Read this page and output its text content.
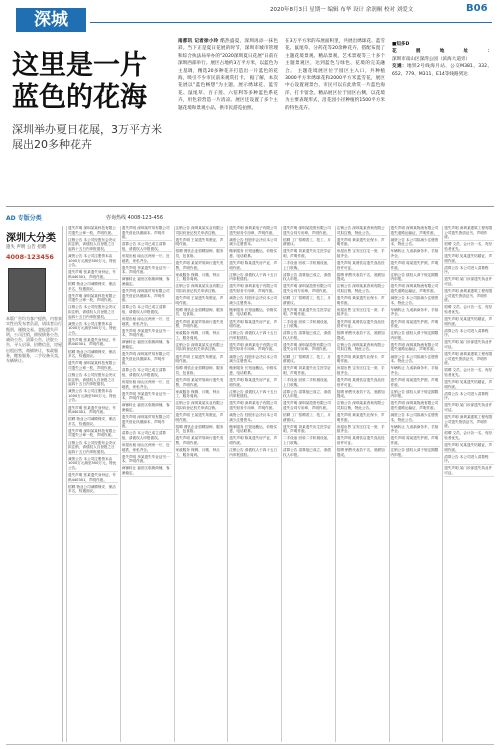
深城	2020年8月3日 星期一 编辑 布华 设计 余润桐 校对 刘爱文	B06
这里是一片
蓝色的花海
深圳举办夏日花展，3万平方米展出20多种花卉
南都讯 记者徐小玲 酷热盛夏，深圳再添一抹色彩。当下正是夏日花展的时节，深圳市城市管理和综合执法局举办的"2020深圳夏日花展"日前在深圳西部举行。展区占地约3万平方米，以蓝色为主基调，精选20多种花卉打造出一片蓝色的花海，吸引不少市民前来观赏打卡。 据了解，本次花展以"蓝色畅想"为主题，展示绣球花、蓝雪花、鼠尾草、百子莲、六倍利等多种蓝色系花卉，用色彩营造一片清凉。展区还设置了多个主题花境和景观小品，供市民游览拍照。
在3万平方米的布展面积里，共展出绣球花、蓝雪花、鼠尾草、分药花等20余种花卉，搭配布置了主题花境景观、精品景观、艺术景观等三十多个主题景观区，达到蓝色与绿色、花境的完美融合。 主题花境展区位于园区主入口，共种植3000平方米绣球花和2000平方米蓝雪花，展区中心设置观景台，市民可以在此欣赏一片蓝色海洋，打卡留念。精品展区位于园区右侧，以花境为主要表现形式，沿花园小径种植约1500平方米的特色花卉。
■知多D
花展地址：深圳市南山区深湾公园（滨海大道旁）
交通：地铁2号线海月站、公交M381、332、652、779、M311、E14等线路到达
AD 专版分类	咨询热线 4008-123-456
深圳大分类
遗失 声明 公告 招聘
4008-123456
本版广告均为客户提供，内容真实性由发布者负责，请读者自行甄别，谨慎交易。登报遗失声明，公司注销，债权债务公告，减资公告，清算公告，法院公告，寻人启事，招聘信息，房屋出租出售，商铺转让，家政服务，搬家服务，二手设备买卖，车辆转让。
遗失声明 深圳某某科技有限公司遗失公章一枚，声明作废。
注销公告 本公司经股东会决议拟注销，请债权人自登报之日起四十五日内申报债权。
减资公告 本公司注册资本由1000万元减至500万元，特此公告。
遗失声明 张某遗失身份证，号码440301，声明作废。
招聘 物业公司诚聘保安、保洁多名，待遇面议。
遗失声明 深圳某某科技有限公司遗失公章一枚，声明作废。
注销公告 本公司经股东会决议拟注销，请债权人自登报之日起四十五日内申报债权。
减资公告 本公司注册资本由1000万元减至500万元，特此公告。
遗失声明 张某遗失身份证，号码440301，声明作废。
招聘 物业公司诚聘保安、保洁多名，待遇面议。
遗失声明 深圳某某科技有限公司遗失公章一枚，声明作废。
注销公告 本公司经股东会决议拟注销，请债权人自登报之日起四十五日内申报债权。
减资公告 本公司注册资本由1000万元减至500万元，特此公告。
遗失声明 张某遗失身份证，号码440301，声明作废。
招聘 物业公司诚聘保安、保洁多名，待遇面议。
遗失声明 深圳某某科技有限公司遗失公章一枚，声明作废。
注销公告 本公司经股东会决议拟注销，请债权人自登报之日起四十五日内申报债权。
减资公告 本公司注册资本由1000万元减至500万元，特此公告。
遗失声明 张某遗失身份证，号码440301，声明作废。
招聘 物业公司诚聘保安、保洁多名，待遇面议。
遗失声明 深圳某贸易有限公司遗失营业执照副本，声明作废。
清算公告 本公司已成立清算组，请债权人申报债权。
房屋出租 南山区两房一厅，近地铁，家私齐全。
遗失声明 李某遗失毕业证书一本，声明作废。
商铺转让 福田区临街商铺，客流稳定。
遗失声明 深圳某贸易有限公司遗失营业执照副本，声明作废。
清算公告 本公司已成立清算组，请债权人申报债权。
房屋出租 南山区两房一厅，近地铁，家私齐全。
遗失声明 李某遗失毕业证书一本，声明作废。
商铺转让 福田区临街商铺，客流稳定。
遗失声明 深圳某贸易有限公司遗失营业执照副本，声明作废。
清算公告 本公司已成立清算组，请债权人申报债权。
房屋出租 南山区两房一厅，近地铁，家私齐全。
遗失声明 李某遗失毕业证书一本，声明作废。
商铺转让 福田区临街商铺，客流稳定。
遗失声明 深圳某贸易有限公司遗失营业执照副本，声明作废。
清算公告 本公司已成立清算组，请债权人申报债权。
房屋出租 南山区两房一厅，近地铁，家私齐全。
遗失声明 李某遗失毕业证书一本，声明作废。
商铺转让 福田区临街商铺，客流稳定。
注销公告 深圳某某实业有限公司拟向登记机关申请注销。
遗失声明 王某遗失驾驶证，声明作废。
招聘 餐饮企业招聘厨师、服务员，包食宿。
遗失声明 某某贸易商行遗失发票，声明作废。
家政服务 保姆、月嫂、钟点工，服务周到。
注销公告 深圳某某实业有限公司拟向登记机关申请注销。
遗失声明 王某遗失驾驶证，声明作废。
招聘 餐饮企业招聘厨师、服务员，包食宿。
遗失声明 某某贸易商行遗失发票，声明作废。
家政服务 保姆、月嫂、钟点工，服务周到。
注销公告 深圳某某实业有限公司拟向登记机关申请注销。
遗失声明 王某遗失驾驶证，声明作废。
招聘 餐饮企业招聘厨师、服务员，包食宿。
遗失声明 某某贸易商行遗失发票，声明作废。
家政服务 保姆、月嫂、钟点工，服务周到。
注销公告 深圳某某实业有限公司拟向登记机关申请注销。
遗失声明 王某遗失驾驶证，声明作废。
招聘 餐饮企业招聘厨师、服务员，包食宿。
遗失声明 某某贸易商行遗失发票，声明作废。
家政服务 保姆、月嫂、钟点工，服务周到。
遗失声明 深圳某电子有限公司遗失财务专用章，声明作废。
减资公告 经股东会决议本公司减少注册资本。
搬家服务 长短途搬运，价格实惠，电话联系。
遗失声明 陈某遗失房产证，声明作废。
注销公告 请债权人于四十五日内申报债权。
遗失声明 深圳某电子有限公司遗失财务专用章，声明作废。
减资公告 经股东会决议本公司减少注册资本。
搬家服务 长短途搬运，价格实惠，电话联系。
遗失声明 陈某遗失房产证，声明作废。
注销公告 请债权人于四十五日内申报债权。
遗失声明 深圳某电子有限公司遗失财务专用章，声明作废。
减资公告 经股东会决议本公司减少注册资本。
搬家服务 长短途搬运，价格实惠，电话联系。
遗失声明 陈某遗失房产证，声明作废。
注销公告 请债权人于四十五日内申报债权。
遗失声明 深圳某电子有限公司遗失财务专用章，声明作废。
减资公告 经股东会决议本公司减少注册资本。
搬家服务 长短途搬运，价格实惠，电话联系。
遗失声明 陈某遗失房产证，声明作废。
注销公告 请债权人于四十五日内申报债权。
遗失声明 深圳某投资有限公司遗失合同专用章，声明作废。
招聘 工厂招聘普工、技工，月薪面议。
遗失声明 刘某遗失出生医学证明，声明作废。
二手设备 回收二手机械设备，上门收购。
清算公告 清算组已成立，请债权人申报。
遗失声明 深圳某投资有限公司遗失合同专用章，声明作废。
招聘 工厂招聘普工、技工，月薪面议。
遗失声明 刘某遗失出生医学证明，声明作废。
二手设备 回收二手机械设备，上门收购。
清算公告 清算组已成立，请债权人申报。
遗失声明 深圳某投资有限公司遗失合同专用章，声明作废。
招聘 工厂招聘普工、技工，月薪面议。
遗失声明 刘某遗失出生医学证明，声明作废。
二手设备 回收二手机械设备，上门收购。
清算公告 清算组已成立，请债权人申报。
遗失声明 深圳某投资有限公司遗失合同专用章，声明作废。
招聘 工厂招聘普工、技工，月薪面议。
遗失声明 刘某遗失出生医学证明，声明作废。
二手设备 回收二手机械设备，上门收购。
清算公告 清算组已成立，请债权人申报。
注销公告 深圳某某咨询有限公司拟注销，特此公告。
遗失声明 黄某遗失社保卡，声明作废。
房屋出售 宝安区住宅一套，手续齐全。
遗失声明 某餐饮店遗失食品经营许可证。
招聘 销售代表若干名，底薪加提成。
注销公告 深圳某某咨询有限公司拟注销，特此公告。
遗失声明 黄某遗失社保卡，声明作废。
房屋出售 宝安区住宅一套，手续齐全。
遗失声明 某餐饮店遗失食品经营许可证。
招聘 销售代表若干名，底薪加提成。
注销公告 深圳某某咨询有限公司拟注销，特此公告。
遗失声明 黄某遗失社保卡，声明作废。
房屋出售 宝安区住宅一套，手续齐全。
遗失声明 某餐饮店遗失食品经营许可证。
招聘 销售代表若干名，底薪加提成。
注销公告 深圳某某咨询有限公司拟注销，特此公告。
遗失声明 黄某遗失社保卡，声明作废。
房屋出售 宝安区住宅一套，手续齐全。
遗失声明 某餐饮店遗失食品经营许可证。
招聘 销售代表若干名，底薪加提成。
遗失声明 深圳某物流有限公司遗失道路运输证，声明作废。
减资公告 本公司拟减少注册资本，特此公告。
车辆转让 九成新商务车，手续齐全。
遗失声明 周某遗失护照，声明作废。
注销公告 债权人请于规定期限内申报。
遗失声明 深圳某物流有限公司遗失道路运输证，声明作废。
减资公告 本公司拟减少注册资本，特此公告。
车辆转让 九成新商务车，手续齐全。
遗失声明 周某遗失护照，声明作废。
注销公告 债权人请于规定期限内申报。
遗失声明 深圳某物流有限公司遗失道路运输证，声明作废。
减资公告 本公司拟减少注册资本，特此公告。
车辆转让 九成新商务车，手续齐全。
遗失声明 周某遗失护照，声明作废。
注销公告 债权人请于规定期限内申报。
遗失声明 深圳某物流有限公司遗失道路运输证，声明作废。
减资公告 本公司拟减少注册资本，特此公告。
车辆转让 九成新商务车，手续齐全。
遗失声明 周某遗失护照，声明作废。
注销公告 债权人请于规定期限内申报。
遗失声明 深圳某建筑工程有限公司遗失资质证书，声明作废。
招聘 文员、会计各一名，有经验者优先。
遗失声明 吴某遗失结婚证，声明作废。
清算公告 本公司进入清算程序。
遗失声明 某门诊部遗失执业许可证。
遗失声明 深圳某建筑工程有限公司遗失资质证书，声明作废。
招聘 文员、会计各一名，有经验者优先。
遗失声明 吴某遗失结婚证，声明作废。
清算公告 本公司进入清算程序。
遗失声明 某门诊部遗失执业许可证。
遗失声明 深圳某建筑工程有限公司遗失资质证书，声明作废。
招聘 文员、会计各一名，有经验者优先。
遗失声明 吴某遗失结婚证，声明作废。
清算公告 本公司进入清算程序。
遗失声明 某门诊部遗失执业许可证。
遗失声明 深圳某建筑工程有限公司遗失资质证书，声明作废。
招聘 文员、会计各一名，有经验者优先。
遗失声明 吴某遗失结婚证，声明作废。
清算公告 本公司进入清算程序。
遗失声明 某门诊部遗失执业许可证。
